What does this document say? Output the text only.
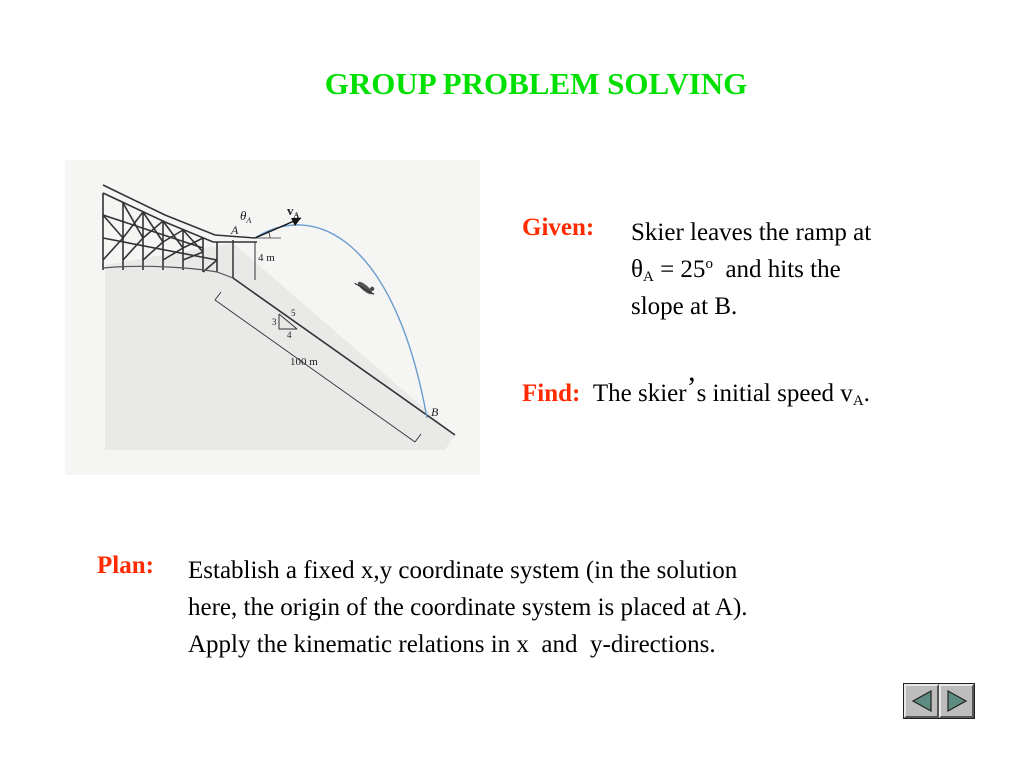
GROUP PROBLEM SOLVING
4 m
$\theta_A$
$v_A$
A
B
3
5
4
100 m
Given: Skier leaves the ramp at
$\theta_A = 25^o$  and hits the
slope at B.
Find: The skier’s initial speed $v_A$.
Plan: Establish a fixed x,y coordinate system (in the solution
here, the origin of the coordinate system is placed at A).
Apply the kinematic relations in x  and  y-directions.
